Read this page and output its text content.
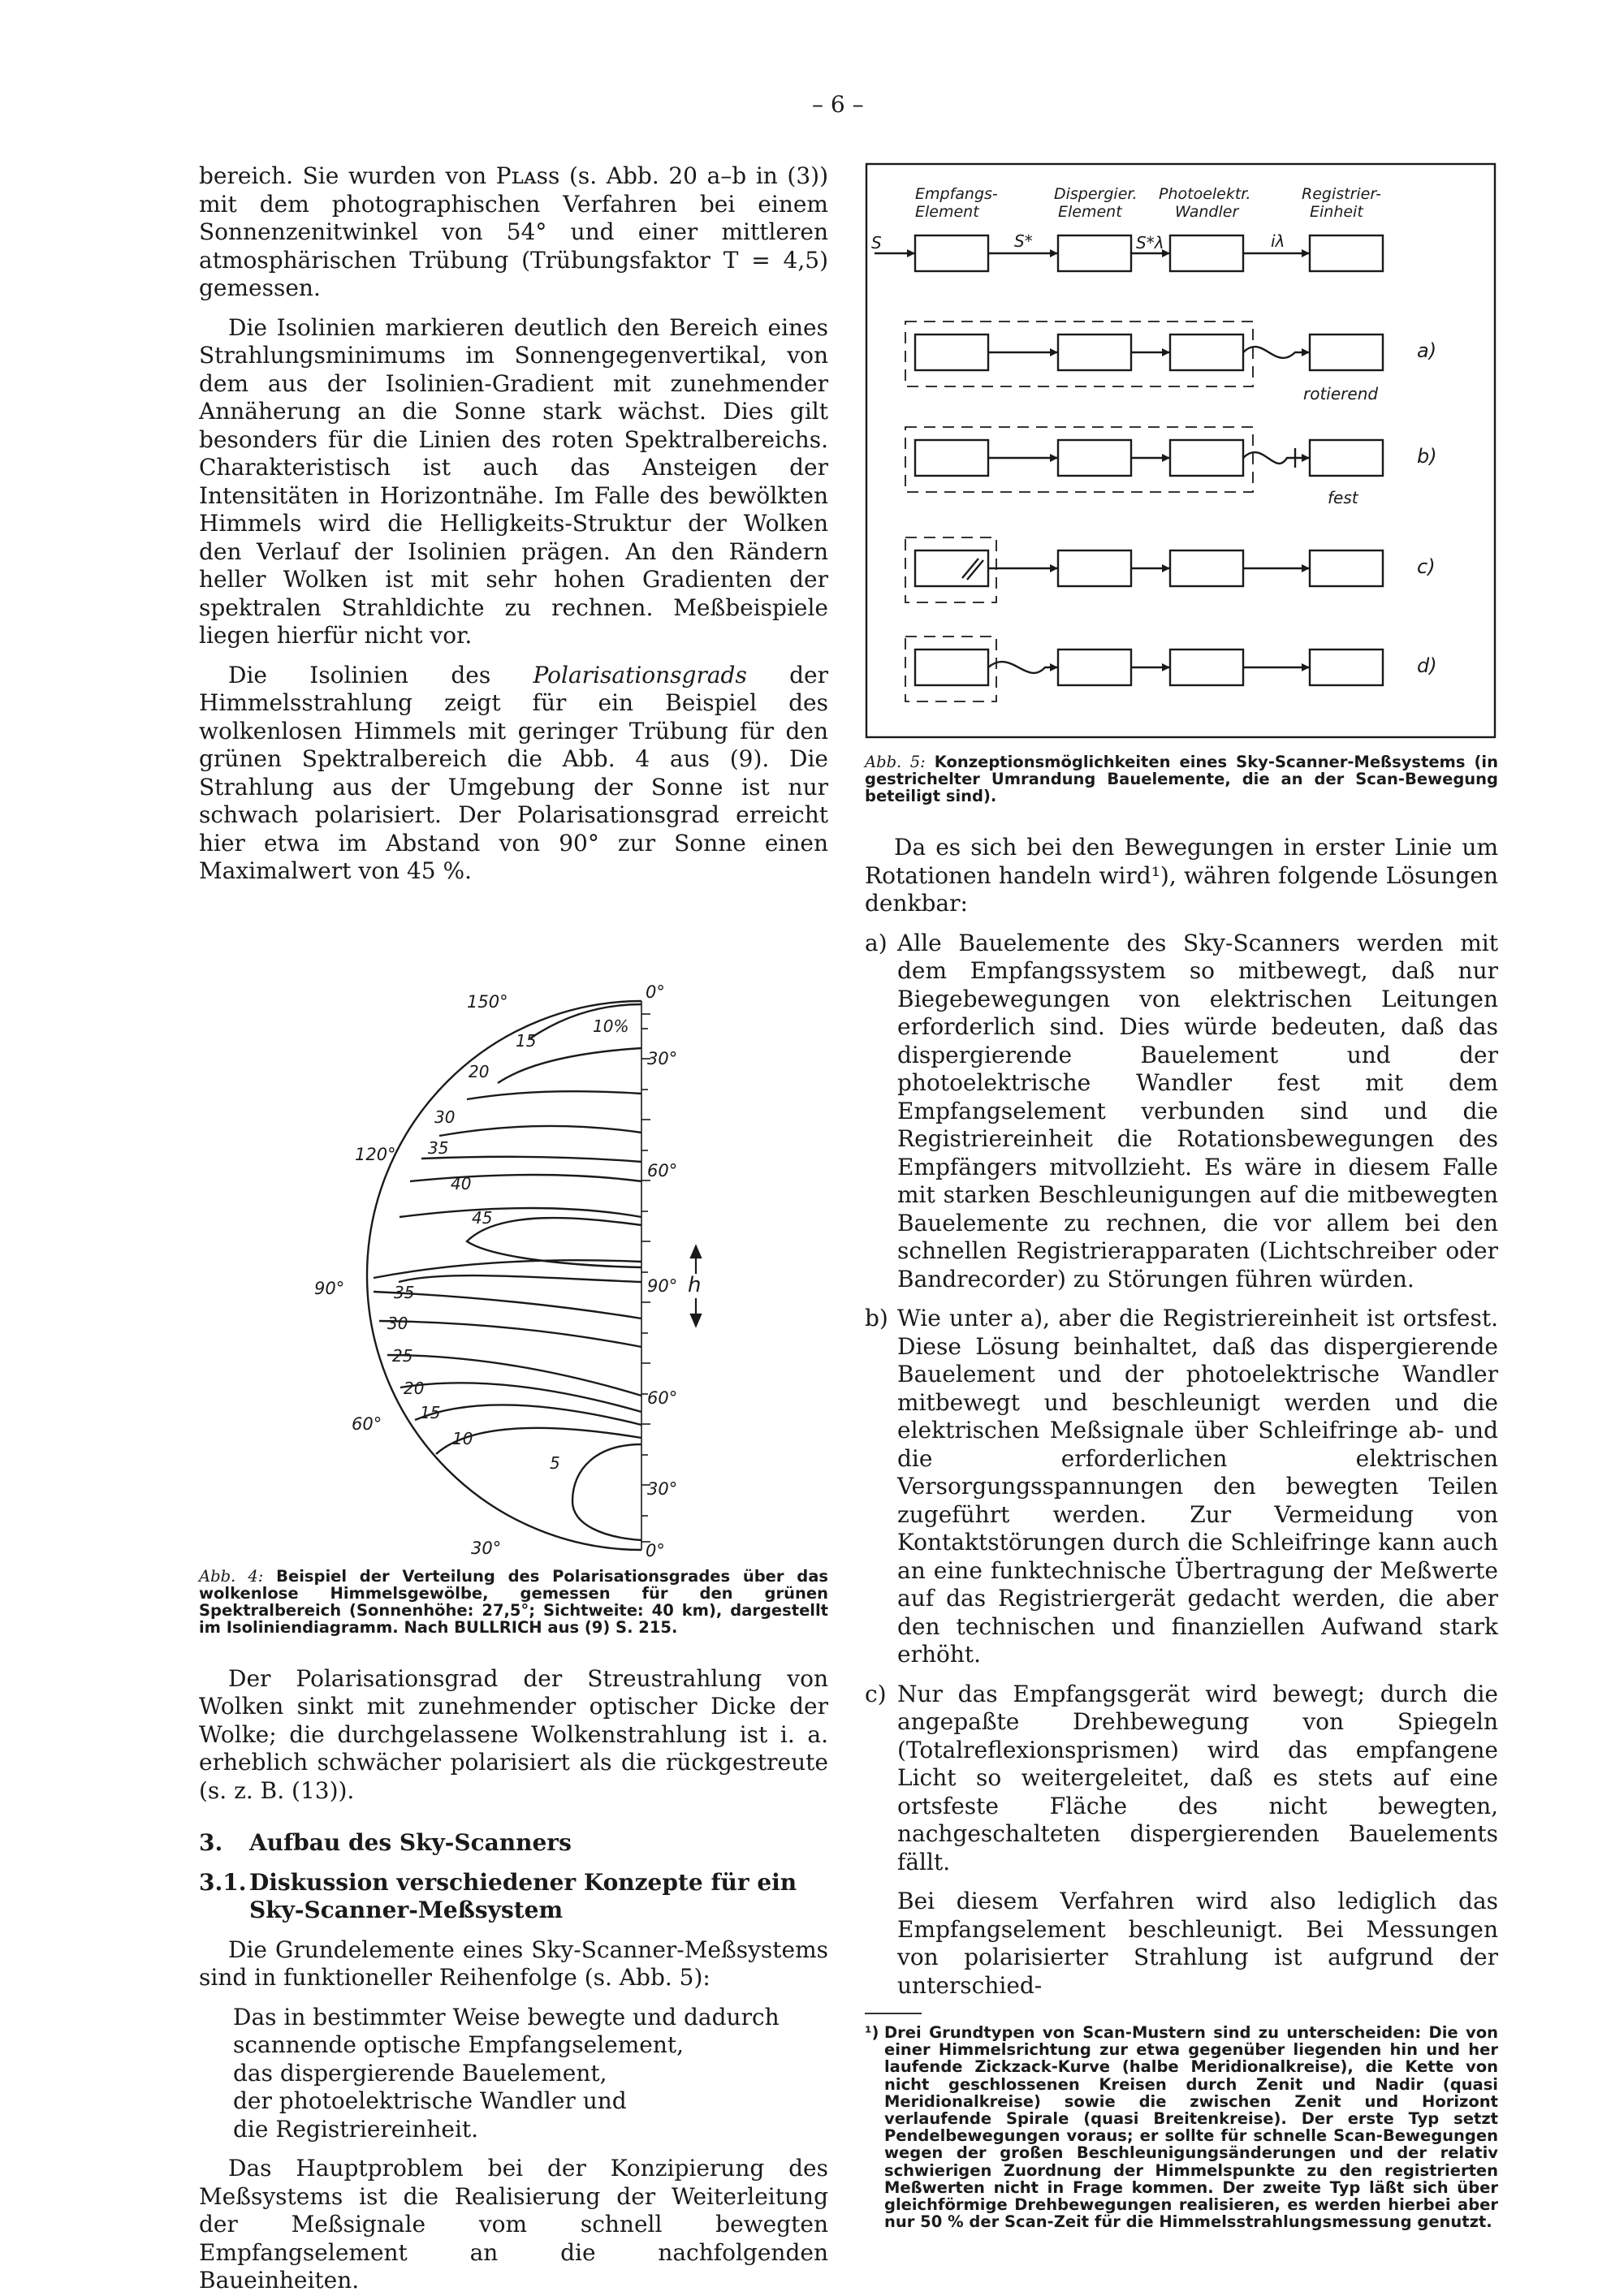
– 6 –

bereich. Sie wurden von Pʟᴀss (s. Abb. 20 a–b in (3)) mit dem photographischen Verfahren bei einem Sonnenzenitwinkel von 54° und einer mittleren atmosphärischen Trübung (Trübungsfaktor T = 4,5) gemessen.

Die Isolinien markieren deutlich den Bereich eines Strahlungsminimums im Sonnengegenvertikal, von dem aus der Isolinien-Gradient mit zunehmender Annäherung an die Sonne stark wächst. Dies gilt besonders für die Linien des roten Spektralbereichs. Charakteristisch ist auch das Ansteigen der Intensitäten in Horizontnähe. Im Falle des bewölkten Himmels wird die Helligkeits-Struktur der Wolken den Verlauf der Isolinien prägen. An den Rändern heller Wolken ist mit sehr hohen Gradienten der spektralen Strahldichte zu rechnen. Meßbeispiele liegen hierfür nicht vor.

Die Isolinien des Polarisationsgrads der Himmelsstrahlung zeigt für ein Beispiel des wolkenlosen Himmels mit geringer Trübung für den grünen Spektralbereich die Abb. 4 aus (9). Die Strahlung aus der Umgebung der Sonne ist nur schwach polarisiert. Der Polarisationsgrad erreicht hier etwa im Abstand von 90° zur Sonne einen Maximalwert von 45 %.

150°
120°
90°
60°
30°
0°
30°
60°
90°
60°
30°
0°
h
10%
15
20
30
35
40
45
35
30
25
20
15
10
5

Abb. 4: Beispiel der Verteilung des Polarisationsgrades über das wolkenlose Himmelsgewölbe, gemessen für den grünen Spektralbereich (Sonnenhöhe: 27,5°; Sichtweite: 40 km), dargestellt im Isoliniendiagramm. Nach BULLRICH aus (9) S. 215.

Der Polarisationsgrad der Streustrahlung von Wolken sinkt mit zunehmender optischer Dicke der Wolke; die durchgelassene Wolkenstrahlung ist i. a. erheblich schwächer polarisiert als die rückgestreute (s. z. B. (13)).

3.	Aufbau des Sky-Scanners
3.1. Diskussion verschiedener Konzepte für ein Sky-Scanner-Meßsystem

Die Grundelemente eines Sky-Scanner-Meßsystems sind in funktioneller Reihenfolge (s. Abb. 5):

Das in bestimmter Weise bewegte und dadurch scannende optische Empfangselement,

das dispergierende Bauelement,

der photoelektrische Wandler und

die Registriereinheit.

Das Hauptproblem bei der Konzipierung des Meßsystems ist die Realisierung der Weiterleitung der Meßsignale vom schnell bewegten Empfangselement an die nachfolgenden Baueinheiten.

Empfangs-
Element
Dispergier.
Element
Photoelektr.
Wandler
Registrier-
Einheit
S	S*	S*λ	iλ
a)
b)
c)
d)
rotierend
fest

Abb. 5: Konzeptionsmöglichkeiten eines Sky-Scanner-Meßsystems (in gestrichelter Umrandung Bauelemente, die an der Scan-Bewegung beteiligt sind).

Da es sich bei den Bewegungen in erster Linie um Rotationen handeln wird¹), währen folgende Lösungen denkbar:

a) Alle Bauelemente des Sky-Scanners werden mit dem Empfangssystem so mitbewegt, daß nur Biegebewegungen von elektrischen Leitungen erforderlich sind. Dies würde bedeuten, daß das dispergierende Bauelement und der photoelektrische Wandler fest mit dem Empfangselement verbunden sind und die Registriereinheit die Rotationsbewegungen des Empfängers mitvollzieht. Es wäre in diesem Falle mit starken Beschleunigungen auf die mitbewegten Bauelemente zu rechnen, die vor allem bei den schnellen Registrierapparaten (Lichtschreiber oder Bandrecorder) zu Störungen führen würden.

b) Wie unter a), aber die Registriereinheit ist ortsfest. Diese Lösung beinhaltet, daß das dispergierende Bauelement und der photoelektrische Wandler mitbewegt und beschleunigt werden und die elektrischen Meßsignale über Schleifringe ab- und die erforderlichen elektrischen Versorgungsspannungen den bewegten Teilen zugeführt werden. Zur Vermeidung von Kontaktstörungen durch die Schleifringe kann auch an eine funktechnische Übertragung der Meßwerte auf das Registriergerät gedacht werden, die aber den technischen und finanziellen Aufwand stark erhöht.

c) Nur das Empfangsgerät wird bewegt; durch die angepaßte Drehbewegung von Spiegeln (Totalreflexionsprismen) wird das empfangene Licht so weitergeleitet, daß es stets auf eine ortsfeste Fläche des nicht bewegten, nachgeschalteten dispergierenden Bauelements fällt.

Bei diesem Verfahren wird also lediglich das Empfangselement beschleunigt. Bei Messungen von polarisierter Strahlung ist aufgrund der unterschied-

¹) Drei Grundtypen von Scan-Mustern sind zu unterscheiden: Die von einer Himmelsrichtung zur etwa gegenüber liegenden hin und her laufende Zickzack-Kurve (halbe Meridionalkreise), die Kette von nicht geschlossenen Kreisen durch Zenit und Nadir (quasi Meridionalkreise) sowie die zwischen Zenit und Horizont verlaufende Spirale (quasi Breitenkreise). Der erste Typ setzt Pendelbewegungen voraus; er sollte für schnelle Scan-Bewegungen wegen der großen Beschleunigungsänderungen und der relativ schwierigen Zuordnung der Himmelspunkte zu den registrierten Meßwerten nicht in Frage kommen. Der zweite Typ läßt sich über gleichförmige Drehbewegungen realisieren, es werden hierbei aber nur 50 % der Scan-Zeit für die Himmelsstrahlungsmessung genutzt.
